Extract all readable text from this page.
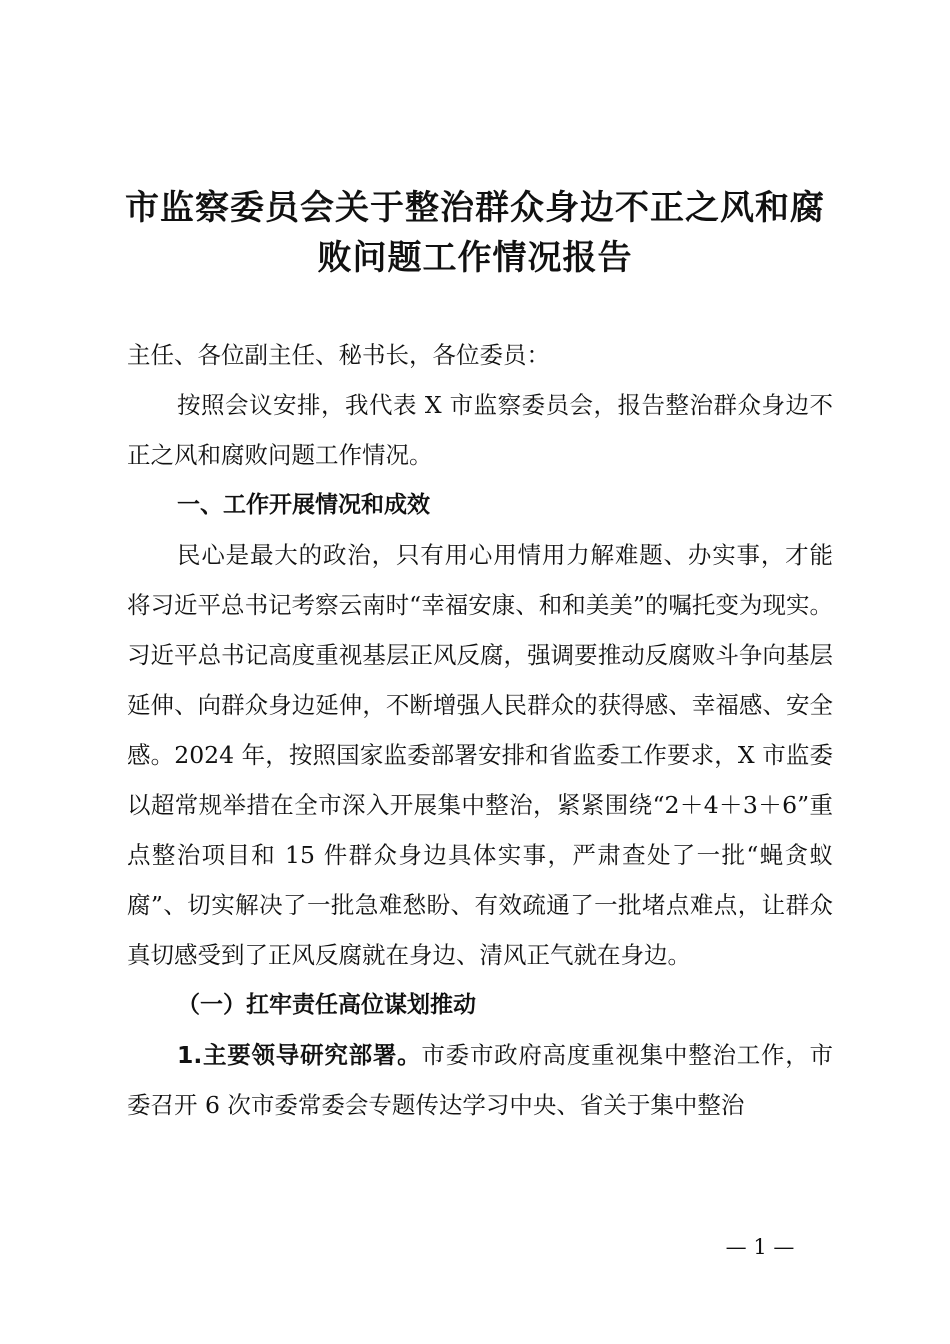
市监察委员会关于整治群众身边不正之风和腐
败问题工作情况报告

主任、各位副主任、秘书长，各位委员：

按照会议安排，我代表 X 市监察委员会，报告整治群众身边不正之风和腐败问题工作情况。

一、工作开展情况和成效

民心是最大的政治，只有用心用情用力解难题、办实事，才能将习近平总书记考察云南时“幸福安康、和和美美”的嘱托变为现实。习近平总书记高度重视基层正风反腐，强调要推动反腐败斗争向基层延伸、向群众身边延伸，不断增强人民群众的获得感、幸福感、安全感。2024 年，按照国家监委部署安排和省监委工作要求，X 市监委以超常规举措在全市深入开展集中整治，紧紧围绕“2＋4＋3＋6”重点整治项目和 15 件群众身边具体实事，严肃查处了一批“蝇贪蚁腐”、切实解决了一批急难愁盼、有效疏通了一批堵点难点，让群众真切感受到了正风反腐就在身边、清风正气就在身边。

（一）扛牢责任高位谋划推动

1.主要领导研究部署。市委市政府高度重视集中整治工作，市委召开 6 次市委常委会专题传达学习中央、省关于集中整治

— 1 —
